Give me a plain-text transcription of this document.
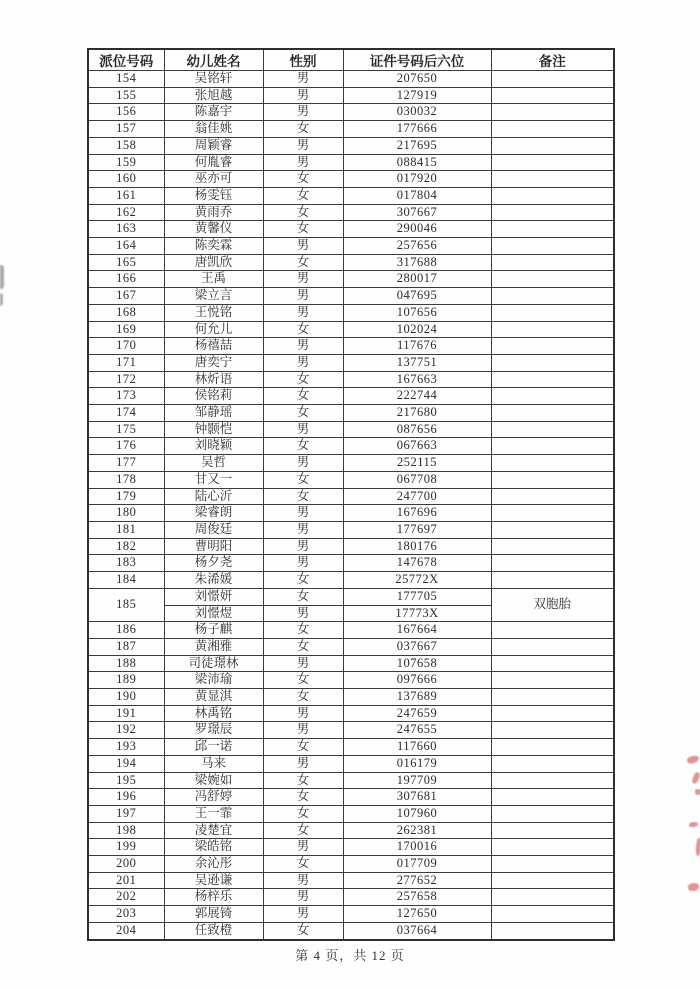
派位号码	幼儿姓名	性别	证件号码后六位	备注
154	吴铭轩	男	207650	
155	张旭越	男	127919	
156	陈嘉宇	男	030032	
157	翁佳姚	女	177666	
158	周颖睿	男	217695	
159	何胤睿	男	088415	
160	巫亦可	女	017920	
161	杨雯钰	女	017804	
162	黄雨乔	女	307667	
163	黄馨仪	女	290046	
164	陈奕霖	男	257656	
165	唐凯欣	女	317688	
166	王禹	男	280017	
167	梁立言	男	047695	
168	王悦铭	男	107656	
169	何允儿	女	102024	
170	杨禧喆	男	117676	
171	唐奕宁	男	137751	
172	林炘语	女	167663	
173	侯铭莉	女	222744	
174	邹静瑶	女	217680	
175	钟颢恺	男	087656	
176	刘晓颖	女	067663	
177	吴哲	男	252115	
178	甘又一	女	067708	
179	陆心沂	女	247700	
180	梁睿朗	男	167696	
181	周俊廷	男	177697	
182	曹明阳	男	180176	
183	杨夕尧	男	147678	
184	朱浠媛	女	25772X	
185	刘憬妍	女	177705	双胞胎
	刘憬煜	男	17773X	
186	杨子麒	女	167664	
187	黄湘雅	女	037667	
188	司徒璟林	男	107658	
189	梁沛瑜	女	097666	
190	黄显淇	女	137689	
191	林禹铭	男	247659	
192	罗璟辰	男	247655	
193	邱一诺	女	117660	
194	马来	男	016179	
195	梁婉如	女	197709	
196	冯舒婷	女	307681	
197	王一霏	女	107960	
198	凌楚宜	女	262381	
199	梁皓铭	男	170016	
200	余沁彤	女	017709	
201	吴逊谦	男	277652	
202	杨梓乐	男	257658	
203	郭展锜	男	127650	
204	任致橙	女	037664	
第 4 页，共 12 页
